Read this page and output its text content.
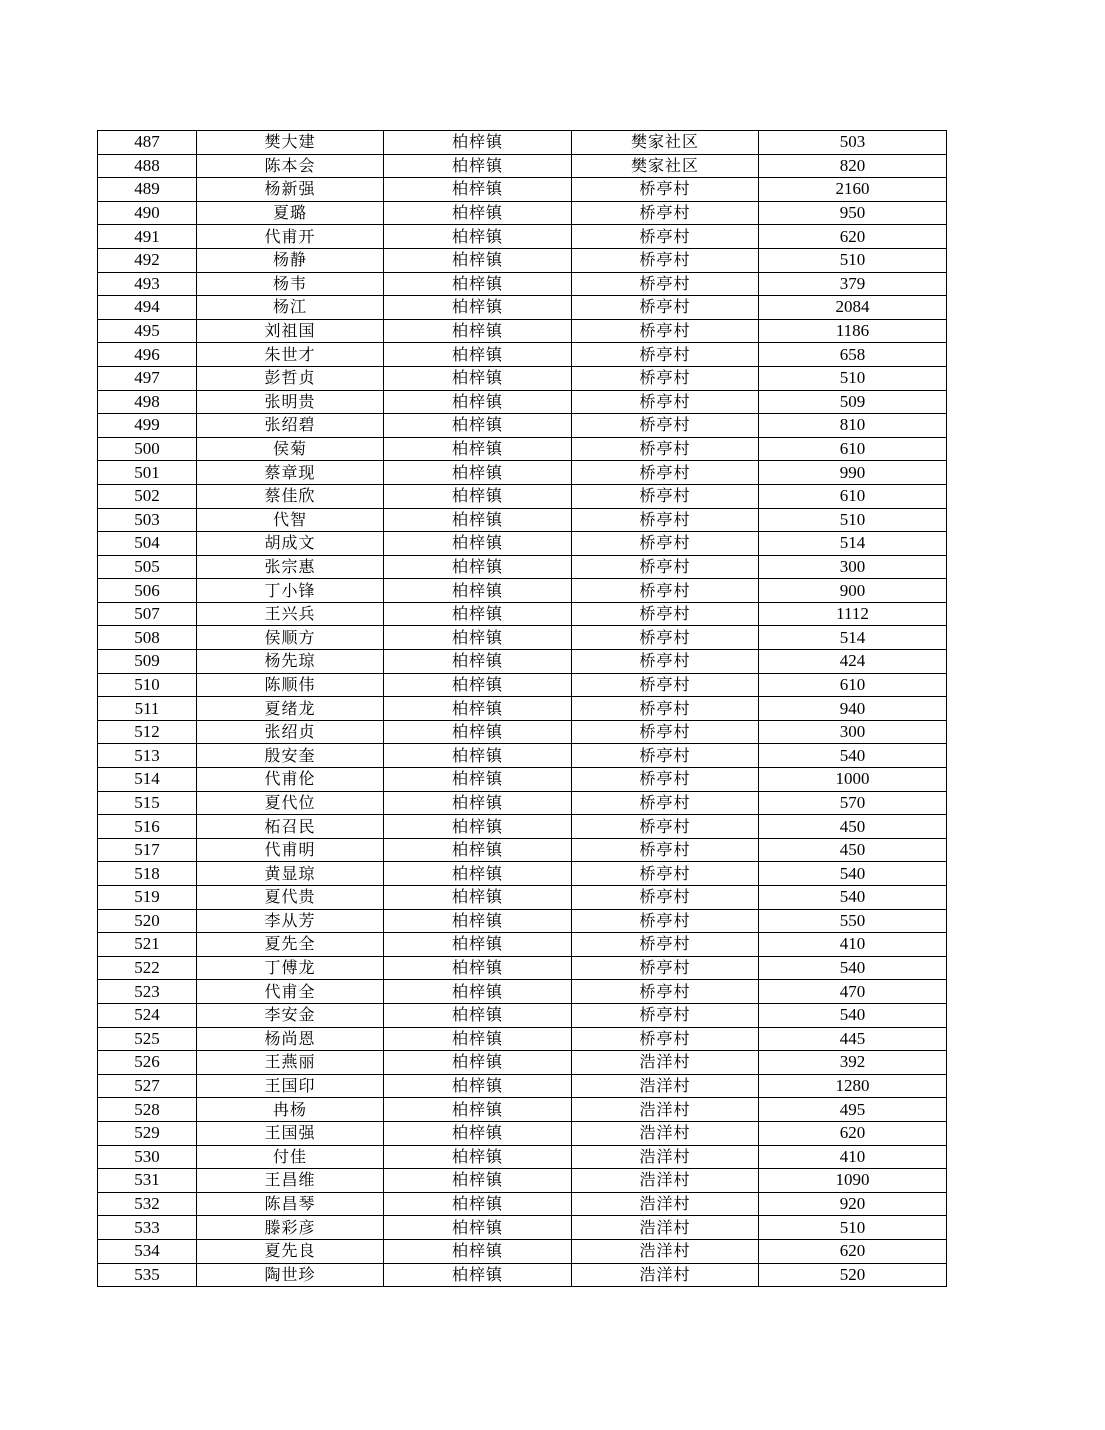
487	樊大建	柏梓镇	樊家社区	503
488	陈本会	柏梓镇	樊家社区	820
489	杨新强	柏梓镇	桥亭村	2160
490	夏璐	柏梓镇	桥亭村	950
491	代甫开	柏梓镇	桥亭村	620
492	杨静	柏梓镇	桥亭村	510
493	杨韦	柏梓镇	桥亭村	379
494	杨江	柏梓镇	桥亭村	2084
495	刘祖国	柏梓镇	桥亭村	1186
496	朱世才	柏梓镇	桥亭村	658
497	彭哲贞	柏梓镇	桥亭村	510
498	张明贵	柏梓镇	桥亭村	509
499	张绍碧	柏梓镇	桥亭村	810
500	侯菊	柏梓镇	桥亭村	610
501	蔡章现	柏梓镇	桥亭村	990
502	蔡佳欣	柏梓镇	桥亭村	610
503	代智	柏梓镇	桥亭村	510
504	胡成文	柏梓镇	桥亭村	514
505	张宗惠	柏梓镇	桥亭村	300
506	丁小锋	柏梓镇	桥亭村	900
507	王兴兵	柏梓镇	桥亭村	1112
508	侯顺方	柏梓镇	桥亭村	514
509	杨先琼	柏梓镇	桥亭村	424
510	陈顺伟	柏梓镇	桥亭村	610
511	夏绪龙	柏梓镇	桥亭村	940
512	张绍贞	柏梓镇	桥亭村	300
513	殷安奎	柏梓镇	桥亭村	540
514	代甫伦	柏梓镇	桥亭村	1000
515	夏代位	柏梓镇	桥亭村	570
516	柘召民	柏梓镇	桥亭村	450
517	代甫明	柏梓镇	桥亭村	450
518	黄显琼	柏梓镇	桥亭村	540
519	夏代贵	柏梓镇	桥亭村	540
520	李从芳	柏梓镇	桥亭村	550
521	夏先全	柏梓镇	桥亭村	410
522	丁傅龙	柏梓镇	桥亭村	540
523	代甫全	柏梓镇	桥亭村	470
524	李安金	柏梓镇	桥亭村	540
525	杨尚恩	柏梓镇	桥亭村	445
526	王燕丽	柏梓镇	浩洋村	392
527	王国印	柏梓镇	浩洋村	1280
528	冉杨	柏梓镇	浩洋村	495
529	王国强	柏梓镇	浩洋村	620
530	付佳	柏梓镇	浩洋村	410
531	王昌维	柏梓镇	浩洋村	1090
532	陈昌琴	柏梓镇	浩洋村	920
533	滕彩彦	柏梓镇	浩洋村	510
534	夏先良	柏梓镇	浩洋村	620
535	陶世珍	柏梓镇	浩洋村	520
